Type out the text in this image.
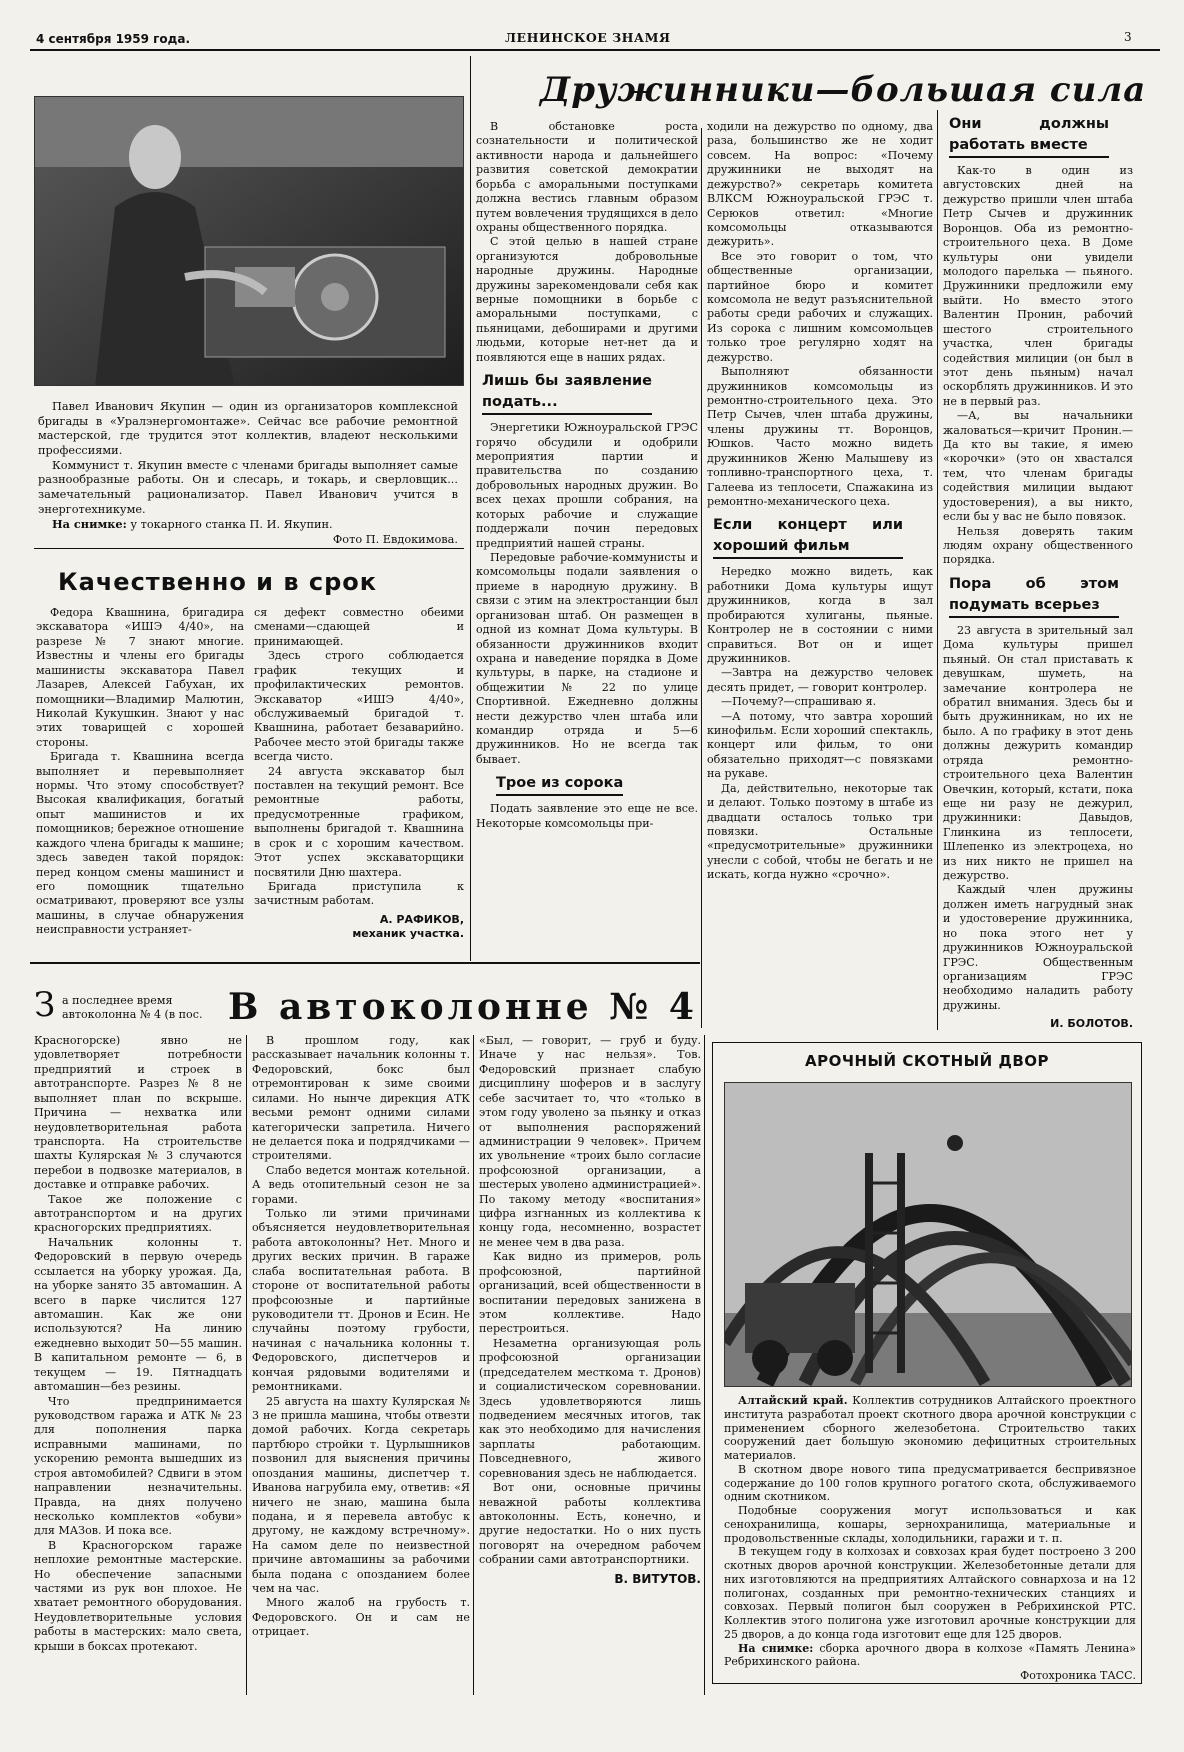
4 сентября 1959 года.	ЛЕНИНСКОЕ ЗНАМЯ	3

Павел Иванович Якупин — один из организаторов комплексной бригады в «Уралэнергомонтаже». Сейчас все рабочие ремонтной мастерской, где трудится этот коллектив, владеют несколькими профессиями.

Коммунист т. Якупин вместе с членами бригады выполняет самые разнообразные работы. Он и слесарь, и токарь, и сверловщик... замечательный рационализатор. Павел Иванович учится в энерготехникуме.

На снимке: у токарного станка П. И. Якупин.

Фото П. Евдокимова.

Качественно и в срок

Федора Квашнина, бригадира экскаватора «ИШЭ 4/40», на разрезе № 7 знают многие. Известны и члены его бригады машинисты экскаватора Павел Лазарев, Алексей Габухан, их помощники—Владимир Малютин, Николай Кукушкин. Знают у нас этих товарищей с хорошей стороны.

Бригада т. Квашнина всегда выполняет и перевыполняет нормы. Что этому способствует? Высокая квалификация, богатый опыт машинистов и их помощников; бережное отношение каждого члена бригады к машине; здесь заведен такой порядок: перед концом смены машинист и его помощник тщательно осматривают, проверяют все узлы машины, в случае обнаружения неисправности устраняет-

ся дефект совместно обеими сменами—сдающей и принимающей.

Здесь строго соблюдается график текущих и профилактических ремонтов. Экскаватор «ИШЭ 4/40», обслуживаемый бригадой т. Квашнина, работает безаварийно. Рабочее место этой бригады также всегда чисто.

24 августа экскаватор был поставлен на текущий ремонт. Все ремонтные работы, предусмотренные графиком, выполнены бригадой т. Квашнина в срок и с хорошим качеством. Этот успех экскаваторщики посвятили Дню шахтера.

Бригада приступила к зачистным работам.

А. РАФИКОВ,
механик участка.
Дружинники—большая сила

В обстановке роста сознательности и политической активности народа и дальнейшего развития советской демократии борьба с аморальными поступками должна вестись главным образом путем вовлечения трудящихся в дело охраны общественного порядка.

С этой целью в нашей стране организуются добровольные народные дружины. Народные дружины зарекомендовали себя как верные помощники в борьбе с аморальными поступками, с пьяницами, дебоширами и другими людьми, которые нет-нет да и появляются еще в наших рядах.

Лишь бы заявление подать...

Энергетики Южноуральской ГРЭС горячо обсудили и одобрили мероприятия партии и правительства по созданию добровольных народных дружин. Во всех цехах прошли собрания, на которых рабочие и служащие поддержали почин передовых предприятий нашей страны.

Передовые рабочие-коммунисты и комсомольцы подали заявления о приеме в народную дружину. В связи с этим на электростанции был организован штаб. Он размещен в одной из комнат Дома культуры. В обязанности дружинников входит охрана и наведение порядка в Доме культуры, в парке, на стадионе и общежитии № 22 по улице Спортивной. Ежедневно должны нести дежурство член штаба или командир отряда и 5—6 дружинников. Но не всегда так бывает.

Трое из сорока

Подать заявление это еще не все. Некоторые комсомольцы при-

ходили на дежурство по одному, два раза, большинство же не ходит совсем. На вопрос: «Почему дружинники не выходят на дежурство?» секретарь комитета ВЛКСМ Южноуральской ГРЭС т. Серюков ответил: «Многие комсомольцы отказываются дежурить».

Все это говорит о том, что общественные организации, партийное бюро и комитет комсомола не ведут разъяснительной работы среди рабочих и служащих. Из сорока с лишним комсомольцев только трое регулярно ходят на дежурство.

Выполняют обязанности дружинников комсомольцы из ремонтно-строительного цеха. Это Петр Сычев, член штаба дружины, члены дружины тт. Воронцов, Юшков. Часто можно видеть дружинников Женю Малышеву из топливно-транспортного цеха, т. Галеева из теплосети, Спажакина из ремонтно-механического цеха.

Если концерт или хороший фильм

Нередко можно видеть, как работники Дома культуры ищут дружинников, когда в зал пробираются хулиганы, пьяные. Контролер не в состоянии с ними справиться. Вот он и ищет дружинников.

—Завтра на дежурство человек десять придет, — говорит контролер.

—Почему?—спрашиваю я.

—А потому, что завтра хороший кинофильм. Если хороший спектакль, концерт или фильм, то они обязательно приходят—с повязками на рукаве.

Да, действительно, некоторые так и делают. Только поэтому в штабе из двадцати осталось только три повязки. Остальные «предусмотрительные» дружинники унесли с собой, чтобы не бегать и не искать, когда нужно «срочно».

Они должны работать вместе

Как-то в один из августовских дней на дежурство пришли член штаба Петр Сычев и дружинник Воронцов. Оба из ремонтно-строительного цеха. В Доме культуры они увидели молодого парелька — пьяного. Дружинники предложили ему выйти. Но вместо этого Валентин Пронин, рабочий шестого строительного участка, член бригады содействия милиции (он был в этот день пьяным) начал оскорблять дружинников. И это не в первый раз.

—А, вы начальники жаловаться—кричит Пронин.—Да кто вы такие, я имею «корочки» (это он хвастался тем, что членам бригады содействия милиции выдают удостоверения), а вы никто, если бы у вас не было повязок.

Нельзя доверять таким людям охрану общественного порядка.

Пора об этом подумать всерьез

23 августа в зрительный зал Дома культуры пришел пьяный. Он стал приставать к девушкам, шуметь, на замечание контролера не обратил внимания. Здесь бы и быть дружинникам, но их не было. А по графику в этот день должны дежурить командир отряда ремонтно-строительного цеха Валентин Овечкин, который, кстати, пока еще ни разу не дежурил, дружинники: Давыдов, Глинкина из теплосети, Шлепенко из электроцеха, но из них никто не пришел на дежурство.

Каждый член дружины должен иметь нагрудный знак и удостоверение дружинника, но пока этого нет у дружинников Южноуральской ГРЭС. Общественным организациям ГРЭС необходимо наладить работу дружины.

И. БОЛОТОВ.
З а последнее время автоколонна № 4 (в пос. В автоколонне № 4

Красногорске) явно не удовлетворяет потребности предприятий и строек в автотранспорте. Разрез № 8 не выполняет план по вскрыше. Причина — нехватка или неудовлетворительная работа транспорта. На строительстве шахты Кулярская № 3 случаются перебои в подвозке материалов, в доставке и отправке рабочих.

Такое же положение с автотранспортом и на других красногорских предприятиях.

Начальник колонны т. Федоровский в первую очередь ссылается на уборку урожая. Да, на уборке занято 35 автомашин. А всего в парке числится 127 автомашин. Как же они используются? На линию ежедневно выходит 50—55 машин. В капитальном ремонте — 6, в текущем — 19. Пятнадцать автомашин—без резины.

Что предпринимается руководством гаража и АТК № 23 для пополнения парка исправными машинами, по ускорению ремонта вышедших из строя автомобилей? Сдвиги в этом направлении незначительны. Правда, на днях получено несколько комплектов «обуви» для МАЗов. И пока все.

В Красногорском гараже неплохие ремонтные мастерские. Но обеспечение запасными частями из рук вон плохое. Не хватает ремонтного оборудования. Неудовлетворительные условия работы в мастерских: мало света, крыши в боксах протекают.

В прошлом году, как рассказывает начальник колонны т. Федоровский, бокс был отремонтирован к зиме своими силами. Но нынче дирекция АТК весьми ремонт одними силами категорически запретила. Ничего не делается пока и подрядчиками — строителями.

Слабо ведется монтаж котельной. А ведь отопительный сезон не за горами.

Только ли этими причинами объясняется неудовлетворительная работа автоколонны? Нет. Много и других веских причин. В гараже слаба воспитательная работа. В стороне от воспитательной работы профсоюзные и партийные руководители тт. Дронов и Есин. Не случайны поэтому грубости, начиная с начальника колонны т. Федоровского, диспетчеров и кончая рядовыми водителями и ремонтниками.

25 августа на шахту Кулярская № 3 не пришла машина, чтобы отвезти домой рабочих. Когда секретарь партбюро стройки т. Цурлышников позвонил для выяснения причины опоздания машины, диспетчер т. Иванова нагрубила ему, ответив: «Я ничего не знаю, машина была подана, и я перевела автобус к другому, не каждому встречному». На самом деле по неизвестной причине автомашины за рабочими была подана с опозданием более чем на час.

Много жалоб на грубость т. Федоровского. Он и сам не отрицает.

«Был, — говорит, — груб и буду. Иначе у нас нельзя». Тов. Федоровский признает слабую дисциплину шоферов и в заслугу себе засчитает то, что «только в этом году уволено за пьянку и отказ от выполнения распоряжений администрации 9 человек». Причем их увольнение «троих было согласие профсоюзной организации, а шестерых уволено администрацией». По такому методу «воспитания» цифра изгнанных из коллектива к концу года, несомненно, возрастет не менее чем в два раза.

Как видно из примеров, роль профсоюзной, партийной организаций, всей общественности в воспитании передовых занижена в этом коллективе. Надо перестроиться.

Незаметна организующая роль профсоюзной организации (председателем месткома т. Дронов) и социалистическом соревновании. Здесь удовлетворяются лишь подведением месячных итогов, так как это необходимо для начисления зарплаты работающим. Повседневного, живого соревнования здесь не наблюдается.

Вот они, основные причины неважной работы коллектива автоколонны. Есть, конечно, и другие недостатки. Но о них пусть поговорят на очередном рабочем собрании сами автотранспортники.

В. ВИТУТОВ.
АРОЧНЫЙ СКОТНЫЙ ДВОР

Алтайский край. Коллектив сотрудников Алтайского проектного института разработал проект скотного двора арочной конструкции с применением сборного железобетона. Строительство таких сооружений дает большую экономию дефицитных строительных материалов.

В скотном дворе нового типа предусматривается беспривязное содержание до 100 голов крупного рогатого скота, обслуживаемого одним скотником.

Подобные сооружения могут использоваться и как сенохранилища, кошары, зернохранилища, материальные и продовольственные склады, холодильники, гаражи и т. п.

В текущем году в колхозах и совхозах края будет построено 3 200 скотных дворов арочной конструкции. Железобетонные детали для них изготовляются на предприятиях Алтайского совнархоза и на 12 полигонах, созданных при ремонтно-технических станциях и совхозах. Первый полигон был сооружен в Ребрихинской РТС. Коллектив этого полигона уже изготовил арочные конструкции для 25 дворов, а до конца года изготовит еще для 125 дворов.

На снимке: сборка арочного двора в колхозе «Память Ленина» Ребрихинского района.

Фотохроника ТАСС.
